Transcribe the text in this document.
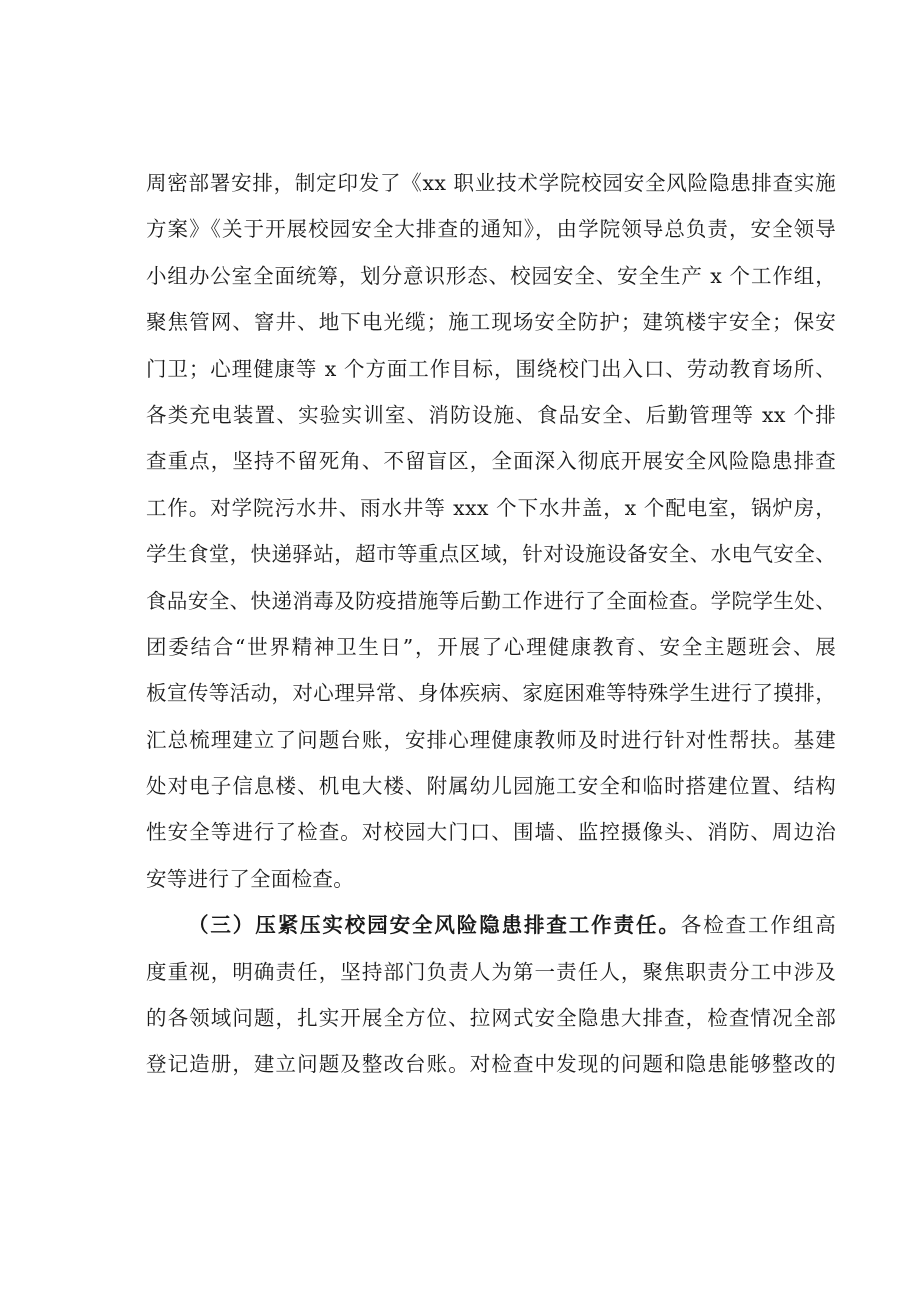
周密部署安排，制定印发了《xx 职业技术学院校园安全风险隐患排查实施
方案》《关于开展校园安全大排查的通知》，由学院领导总负责，安全领导
小组办公室全面统筹，划分意识形态、校园安全、安全生产 x 个工作组，
聚焦管网、窨井、地下电光缆；施工现场安全防护；建筑楼宇安全；保安
门卫；心理健康等 x 个方面工作目标，围绕校门出入口、劳动教育场所、
各类充电装置、实验实训室、消防设施、食品安全、后勤管理等 xx 个排
查重点，坚持不留死角、不留盲区，全面深入彻底开展安全风险隐患排查
工作。对学院污水井、雨水井等 xxx 个下水井盖，x 个配电室，锅炉房，
学生食堂，快递驿站，超市等重点区域，针对设施设备安全、水电气安全、
食品安全、快递消毒及防疫措施等后勤工作进行了全面检查。学院学生处、
团委结合“世界精神卫生日”，开展了心理健康教育、安全主题班会、展
板宣传等活动，对心理异常、身体疾病、家庭困难等特殊学生进行了摸排，
汇总梳理建立了问题台账，安排心理健康教师及时进行针对性帮扶。基建
处对电子信息楼、机电大楼、附属幼儿园施工安全和临时搭建位置、结构
性安全等进行了检查。对校园大门口、围墙、监控摄像头、消防、周边治
安等进行了全面检查。
（三）压紧压实校园安全风险隐患排查工作责任。各检查工作组高
度重视，明确责任，坚持部门负责人为第一责任人，聚焦职责分工中涉及
的各领域问题，扎实开展全方位、拉网式安全隐患大排查，检查情况全部
登记造册，建立问题及整改台账。对检查中发现的问题和隐患能够整改的
